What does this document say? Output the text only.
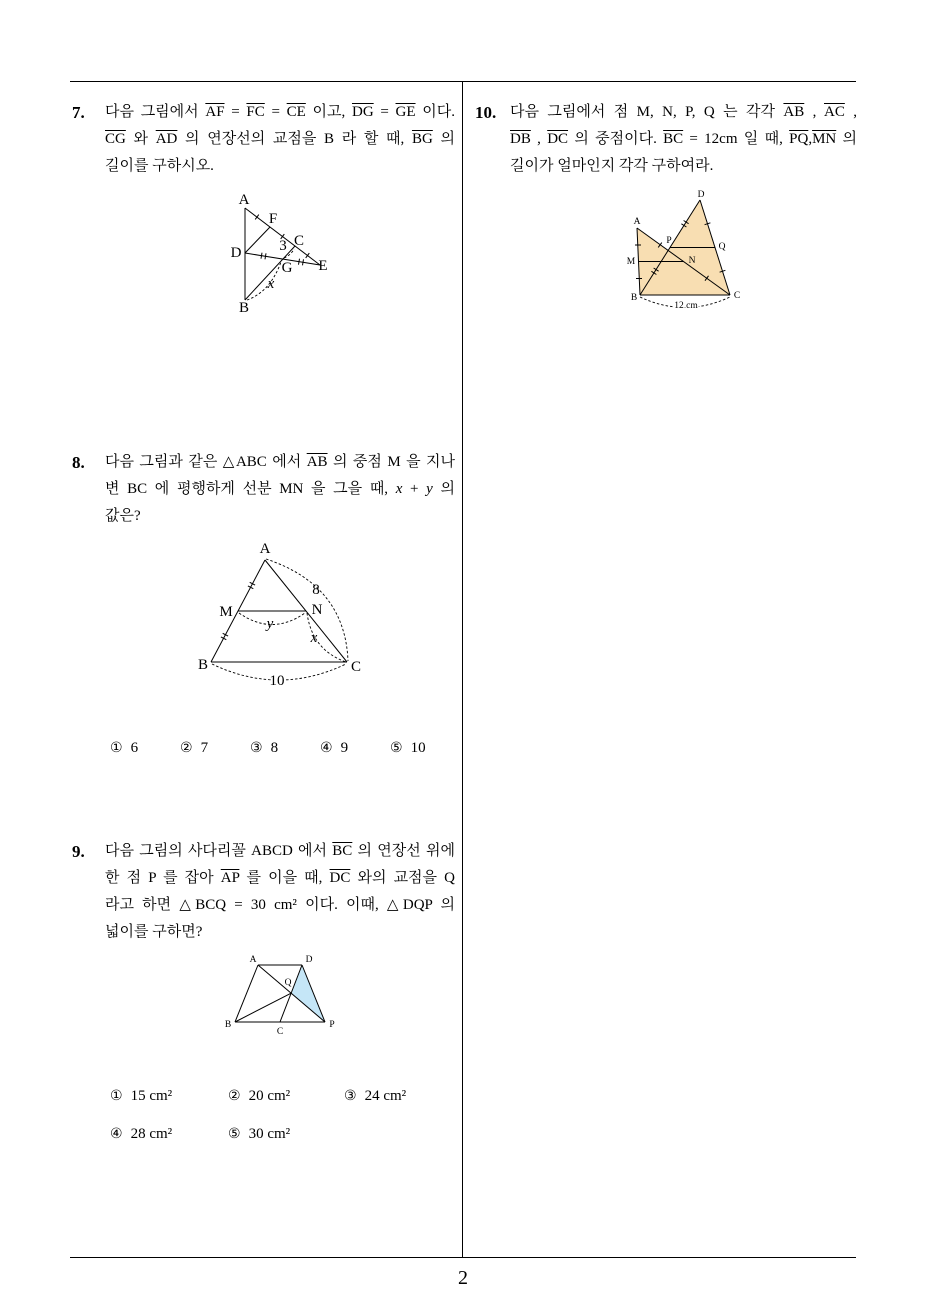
7. 다음 그림에서 $\overline{AF} = \overline{FC} = \overline{CE}$ 이고, $\overline{DG} = \overline{GE}$ 이다.
$\overline{CG}$ 와 $\overline{AD}$ 의 연장선의 교점을 B 라 할 때, $\overline{BG}$ 의
길이를 구하시오.
A
F
D
C
E
G
B
3
x
8. 다음 그림과 같은 △ABC 에서 $\overline{AB}$ 의 중점 M 을 지나
변 BC 에 평행하게 선분 MN 을 그을 때, x + y 의
값은?
A
M	N
B	C
8
y
x
10
① 6	② 7	③ 8	④ 9	⑤ 10
9. 다음 그림의 사다리꼴 ABCD 에서 $\overline{BC}$ 의 연장선 위에
한 점 P 를 잡아 $\overline{AP}$ 를 이을 때, $\overline{DC}$ 와의 교점을 Q
라고 하면 △BCQ = 30 cm² 이다. 이때, △DQP 의
넓이를 구하면?
A	D
Q
B
C
P
① 15 cm²	② 20 cm²	③ 24 cm²
④ 28 cm²	⑤ 30 cm²
10. 다음 그림에서 점 M, N, P, Q 는 각각 $\overline{AB}$ , $\overline{AC}$ ,
$\overline{DB}$ , $\overline{DC}$ 의 중점이다. $\overline{BC} = 12cm$ 일 때, $\overline{PQ},\overline{MN}$ 의
길이가 얼마인지 각각 구하여라.
A
D
P
Q
M	N
B	C
12 cm
2
